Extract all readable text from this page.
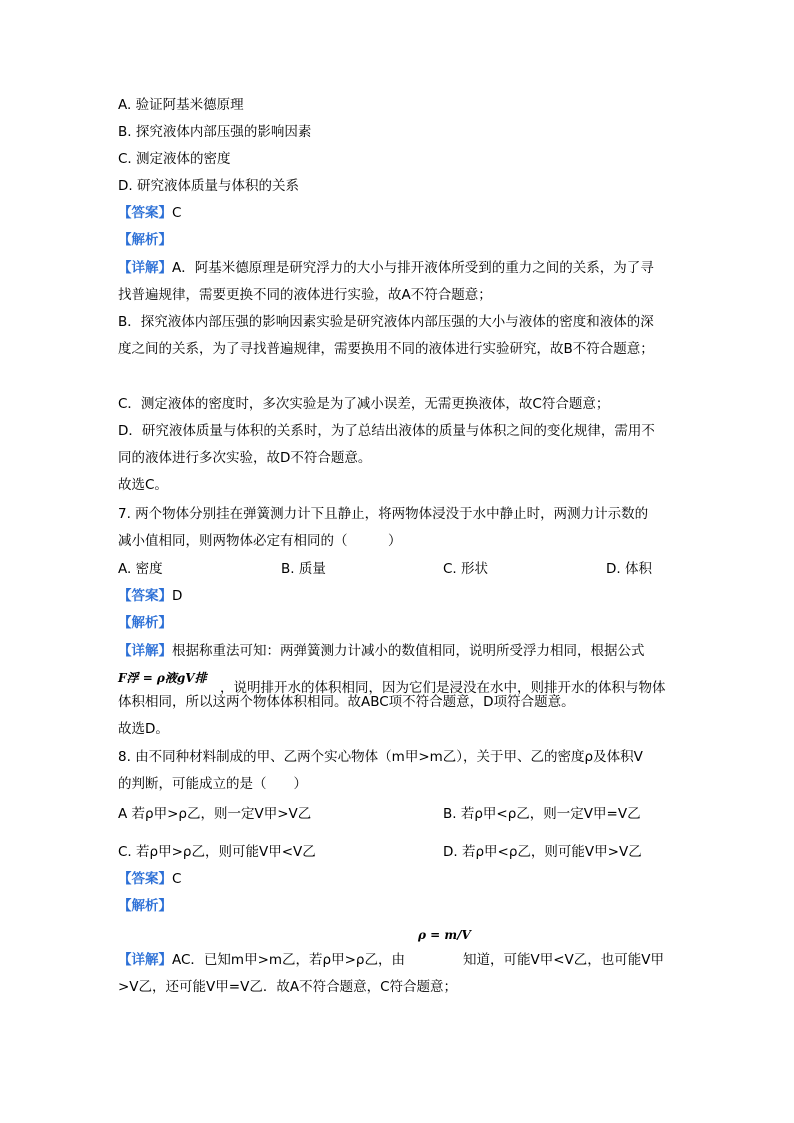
A. 验证阿基米德原理
B. 探究液体内部压强的影响因素
C. 测定液体的密度
D. 研究液体质量与体积的关系
【答案】C
【解析】
【详解】A．阿基米德原理是研究浮力的大小与排开液体所受到的重力之间的关系，为了寻
找普遍规律，需要更换不同的液体进行实验，故A不符合题意；
B．探究液体内部压强的影响因素实验是研究液体内部压强的大小与液体的密度和液体的深
度之间的关系，为了寻找普遍规律，需要换用不同的液体进行实验研究，故B不符合题意；
C．测定液体的密度时，多次实验是为了减小误差，无需更换液体，故C符合题意；
D．研究液体质量与体积的关系时，为了总结出液体的质量与体积之间的变化规律，需用不
同的液体进行多次实验，故D不符合题意。
故选C。
7. 两个物体分别挂在弹簧测力计下且静止，将两物体浸没于水中静止时，两测力计示数的
减小值相同，则两物体必定有相同的（　　　）
A. 密度	B. 质量	C. 形状	D. 体积
【答案】D
【解析】
【详解】根据称重法可知：两弹簧测力计减小的数值相同，说明所受浮力相同，根据公式
F浮 = ρ液gV排
，说明排开水的体积相同，因为它们是浸没在水中，则排开水的体积与物体
体积相同，所以这两个物体体积相同。故ABC项不符合题意，D项符合题意。
故选D。
8. 由不同种材料制成的甲、乙两个实心物体（m甲>m乙），关于甲、乙的密度ρ及体积V
的判断，可能成立的是（　　）
A 若ρ甲>ρ乙，则一定V甲>V乙	B. 若ρ甲<ρ乙，则一定V甲=V乙
C. 若ρ甲>ρ乙，则可能V甲<V乙	D. 若ρ甲<ρ乙，则可能V甲>V乙
【答案】C
【解析】
【详解】AC．已知m甲>m乙，若ρ甲>ρ乙，由
ρ = m/V
知道，可能V甲<V乙，也可能V甲
>V乙，还可能V甲=V乙．故A不符合题意，C符合题意；
